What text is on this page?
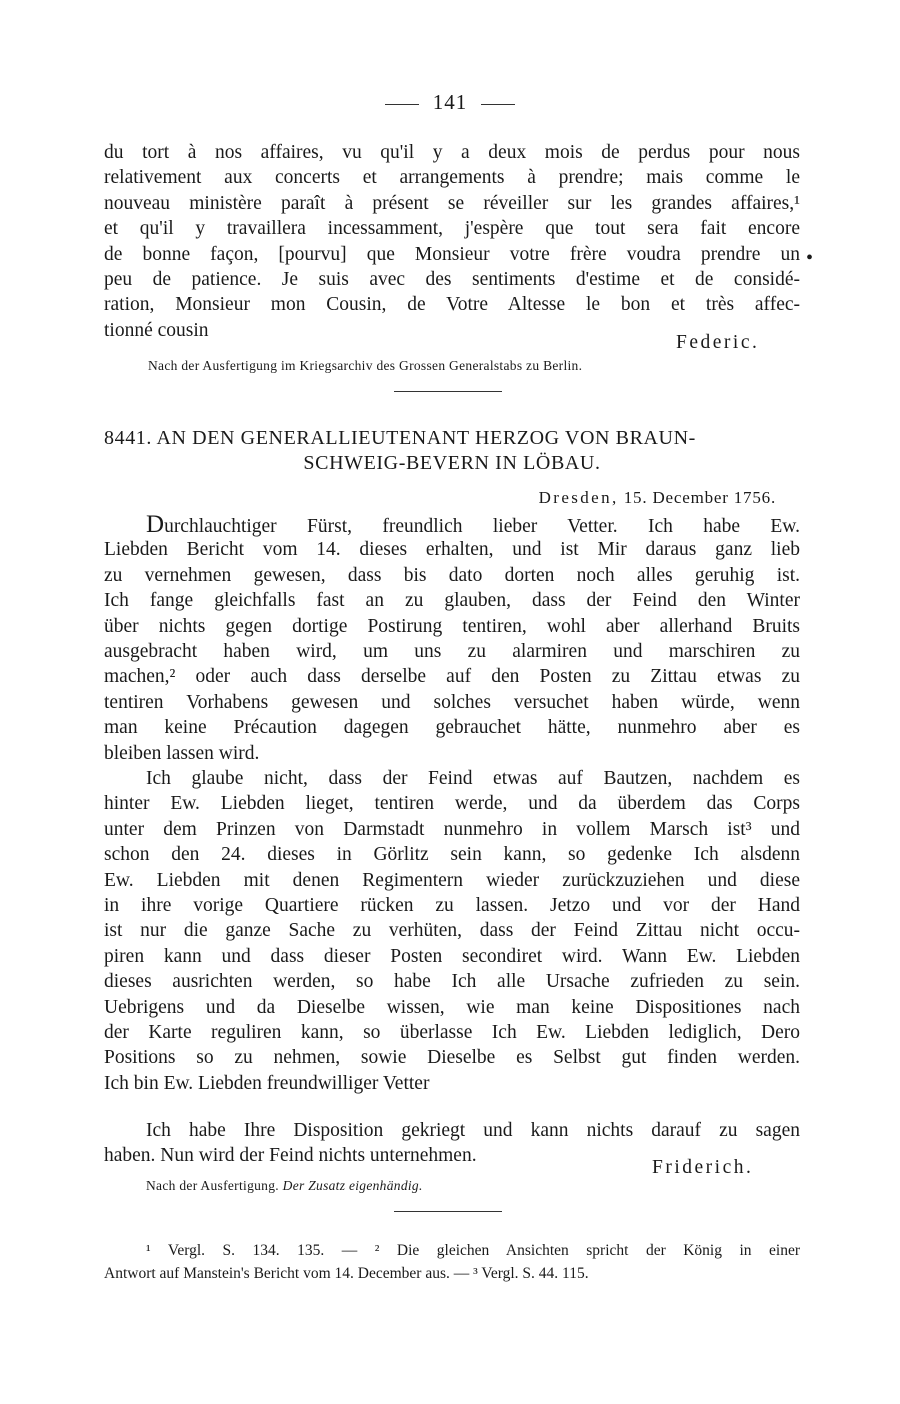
141
du tort à nos affaires, vu qu'il y a deux mois de perdus pour nous
relativement aux concerts et arrangements à prendre; mais comme le
nouveau ministère paraît à présent se réveiller sur les grandes affaires,¹
et qu'il y travaillera incessamment, j'espère que tout sera fait encore
de bonne façon, [pourvu] que Monsieur votre frère voudra prendre un
peu de patience. Je suis avec des sentiments d'estime et de considé-
ration, Monsieur mon Cousin, de Votre Altesse le bon et très affec-
tionné cousin
•
Federic.
Nach der Ausfertigung im Kriegsarchiv des Grossen Generalstabs zu Berlin.
8441. AN DEN GENERALLIEUTENANT HERZOG VON BRAUN-
SCHWEIG-BEVERN IN LÖBAU.
Dresden, 15. December 1756.
Durchlauchtiger Fürst, freundlich lieber Vetter. Ich habe Ew.
Liebden Bericht vom 14. dieses erhalten, und ist Mir daraus ganz lieb
zu vernehmen gewesen, dass bis dato dorten noch alles geruhig ist.
Ich fange gleichfalls fast an zu glauben, dass der Feind den Winter
über nichts gegen dortige Postirung tentiren, wohl aber allerhand Bruits
ausgebracht haben wird, um uns zu alarmiren und marschiren zu
machen,² oder auch dass derselbe auf den Posten zu Zittau etwas zu
tentiren Vorhabens gewesen und solches versuchet haben würde, wenn
man keine Précaution dagegen gebrauchet hätte, nunmehro aber es
bleiben lassen wird.
Ich glaube nicht, dass der Feind etwas auf Bautzen, nachdem es
hinter Ew. Liebden lieget, tentiren werde, und da überdem das Corps
unter dem Prinzen von Darmstadt nunmehro in vollem Marsch ist³ und
schon den 24. dieses in Görlitz sein kann, so gedenke Ich alsdenn
Ew. Liebden mit denen Regimentern wieder zurückzuziehen und diese
in ihre vorige Quartiere rücken zu lassen. Jetzo und vor der Hand
ist nur die ganze Sache zu verhüten, dass der Feind Zittau nicht occu-
piren kann und dass dieser Posten secondiret wird. Wann Ew. Liebden
dieses ausrichten werden, so habe Ich alle Ursache zufrieden zu sein.
Uebrigens und da Dieselbe wissen, wie man keine Dispositiones nach
der Karte reguliren kann, so überlasse Ich Ew. Liebden lediglich, Dero
Positions so zu nehmen, sowie Dieselbe es Selbst gut finden werden.
Ich bin Ew. Liebden freundwilliger Vetter
Ich habe Ihre Disposition gekriegt und kann nichts darauf zu sagen
haben. Nun wird der Feind nichts unternehmen.
Friderich.
Nach der Ausfertigung. Der Zusatz eigenhändig.
¹ Vergl. S. 134. 135. — ² Die gleichen Ansichten spricht der König in einer
Antwort auf Manstein's Bericht vom 14. December aus. — ³ Vergl. S. 44. 115.
